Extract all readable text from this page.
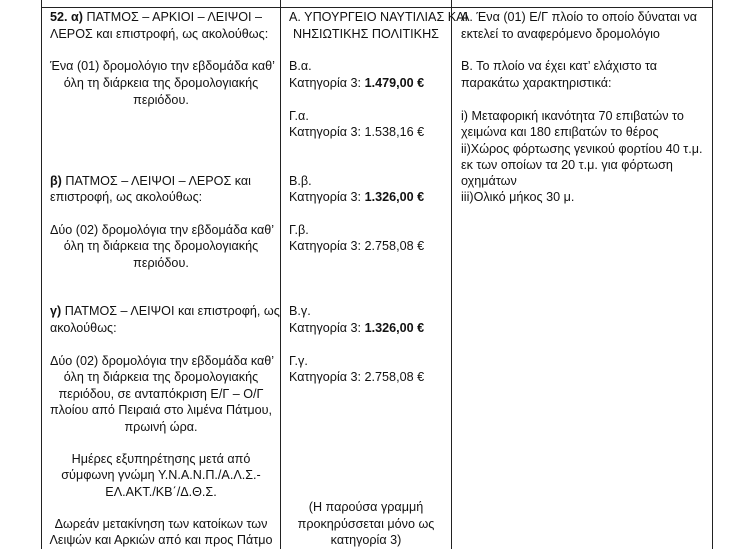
52. α) ΠΑΤΜΟΣ – ΑΡΚΙΟΙ – ΛΕΙΨΟΙ –
ΛΕΡΟΣ και επιστροφή, ως ακολούθως:
Ένα (01) δρομολόγιο την εβδομάδα καθ’
όλη τη διάρκεια της δρομολογιακής
περιόδου.
β) ΠΑΤΜΟΣ – ΛΕΙΨΟΙ – ΛΕΡΟΣ και
επιστροφή, ως ακολούθως:
Δύο (02) δρομολόγια την εβδομάδα καθ’
όλη τη διάρκεια της δρομολογιακής
περιόδου.
γ) ΠΑΤΜΟΣ – ΛΕΙΨΟΙ και επιστροφή, ως
ακολούθως:
Δύο (02) δρομολόγια την εβδομάδα καθ’
όλη τη διάρκεια της δρομολογιακής
περιόδου, σε ανταπόκριση Ε/Γ – Ο/Γ
πλοίου από Πειραιά στο λιμένα Πάτμου,
πρωινή ώρα.
Ημέρες εξυπηρέτησης μετά από
σύμφωνη γνώμη Υ.Ν.Α.Ν.Π./Α.Λ.Σ.-
ΕΛ.ΑΚΤ./ΚΒ΄/Δ.Θ.Σ.
Δωρεάν μετακίνηση των κατοίκων των
Λειψών και Αρκιών από και προς Πάτμο
Α. ΥΠΟΥΡΓΕΙΟ ΝΑΥΤΙΛΙΑΣ ΚΑΙ
ΝΗΣΙΩΤΙΚΗΣ ΠΟΛΙΤΙΚΗΣ
Β.α.
Κατηγορία 3: 1.479,00 €
Γ.α.
Κατηγορία 3: 1.538,16 €
Β.β.
Κατηγορία 3: 1.326,00 €
Γ.β.
Κατηγορία 3: 2.758,08 €
Β.γ.
Κατηγορία 3: 1.326,00 €
Γ.γ.
Κατηγορία 3: 2.758,08 €
(Η παρούσα γραμμή
προκηρύσσεται μόνο ως
κατηγορία 3)
Α. Ένα (01) Ε/Γ πλοίο το οποίο δύναται να
εκτελεί το αναφερόμενο δρομολόγιο
Β. Το πλοίο να έχει κατ’ ελάχιστο τα
παρακάτω χαρακτηριστικά:
i) Μεταφορική ικανότητα 70 επιβατών το
χειμώνα και 180 επιβατών το θέρος
ii)Χώρος φόρτωσης γενικού φορτίου 40 τ.μ.
εκ των οποίων τα 20 τ.μ. για φόρτωση
οχημάτων
iii)Ολικό μήκος 30 μ.
